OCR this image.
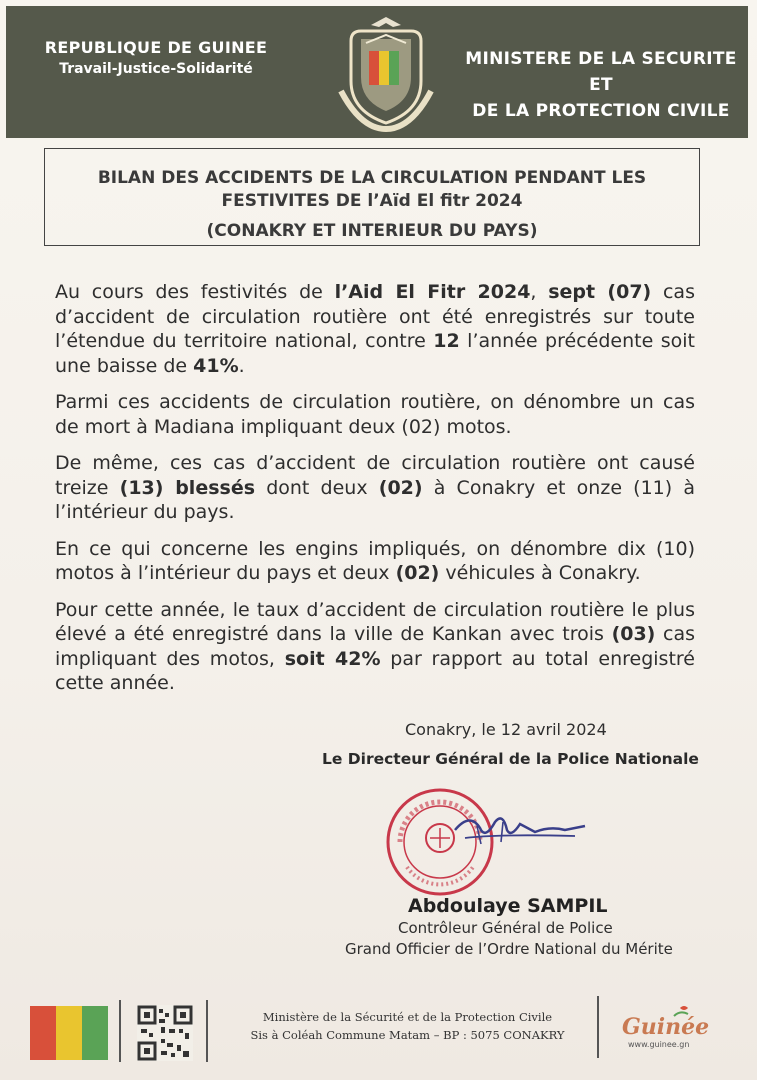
REPUBLIQUE DE GUINEE
Travail-Justice-Solidarité	MINISTERE DE LA SECURITE ET
DE LA PROTECTION CIVILE
BILAN DES ACCIDENTS DE LA CIRCULATION PENDANT LES FESTIVITES DE l’Aïd El fitr 2024
(CONAKRY ET INTERIEUR DU PAYS)

Au cours des festivités de l’Aid El Fitr 2024, sept (07) cas d’accident de circulation routière ont été enregistrés sur toute l’étendue du territoire national, contre 12 l’année précédente soit une baisse de 41%.

Parmi ces accidents de circulation routière, on dénombre un cas de mort à Madiana impliquant deux (02) motos.

De même, ces cas d’accident de circulation routière ont causé treize (13) blessés dont deux (02) à Conakry et onze (11) à l’intérieur du pays.

En ce qui concerne les engins impliqués, on dénombre dix (10) motos à l’intérieur du pays et deux (02) véhicules à Conakry.

Pour cette année, le taux d’accident de circulation routière le plus élevé a été enregistré dans la ville de Kankan avec trois (03) cas impliquant des motos, soit 42% par rapport au total enregistré cette année.

Conakry, le 12 avril 2024
Le Directeur Général de la Police Nationale
Abdoulaye SAMPIL
Contrôleur Général de Police
Grand Officier de l’Ordre National du Mérite
Ministère de la Sécurité et de la Protection Civile
Sis à Coléah Commune Matam – BP : 5075 CONAKRY	Guinée
www.guinee.gn
